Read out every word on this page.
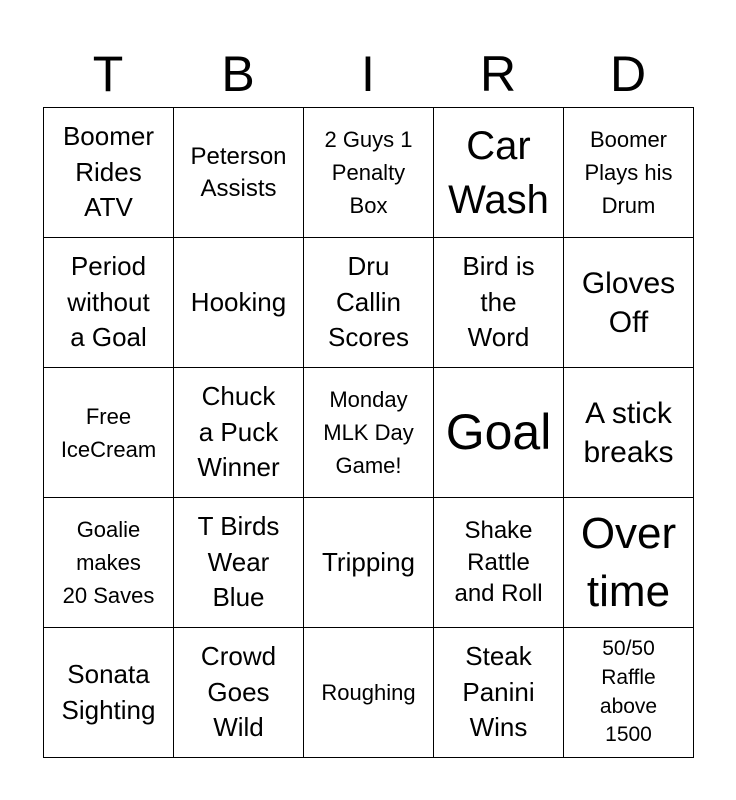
T	B	I	R	D
Boomer
Rides
ATV
Peterson
Assists
2 Guys 1
Penalty
Box
Car
Wash
Boomer
Plays his
Drum
Period
without
a Goal
Hooking
Dru
Callin
Scores
Bird is
the
Word
Gloves
Off
Free
IceCream
Chuck
a Puck
Winner
Monday
MLK Day
Game!
Goal A stick
breaks
Goalie
makes
20 Saves
T Birds
Wear
Blue
Tripping
Shake
Rattle
and Roll
Over
time
Sonata
Sighting
Crowd
Goes
Wild
Roughing
Steak
Panini
Wins
50/50
Raffle
above
1500
